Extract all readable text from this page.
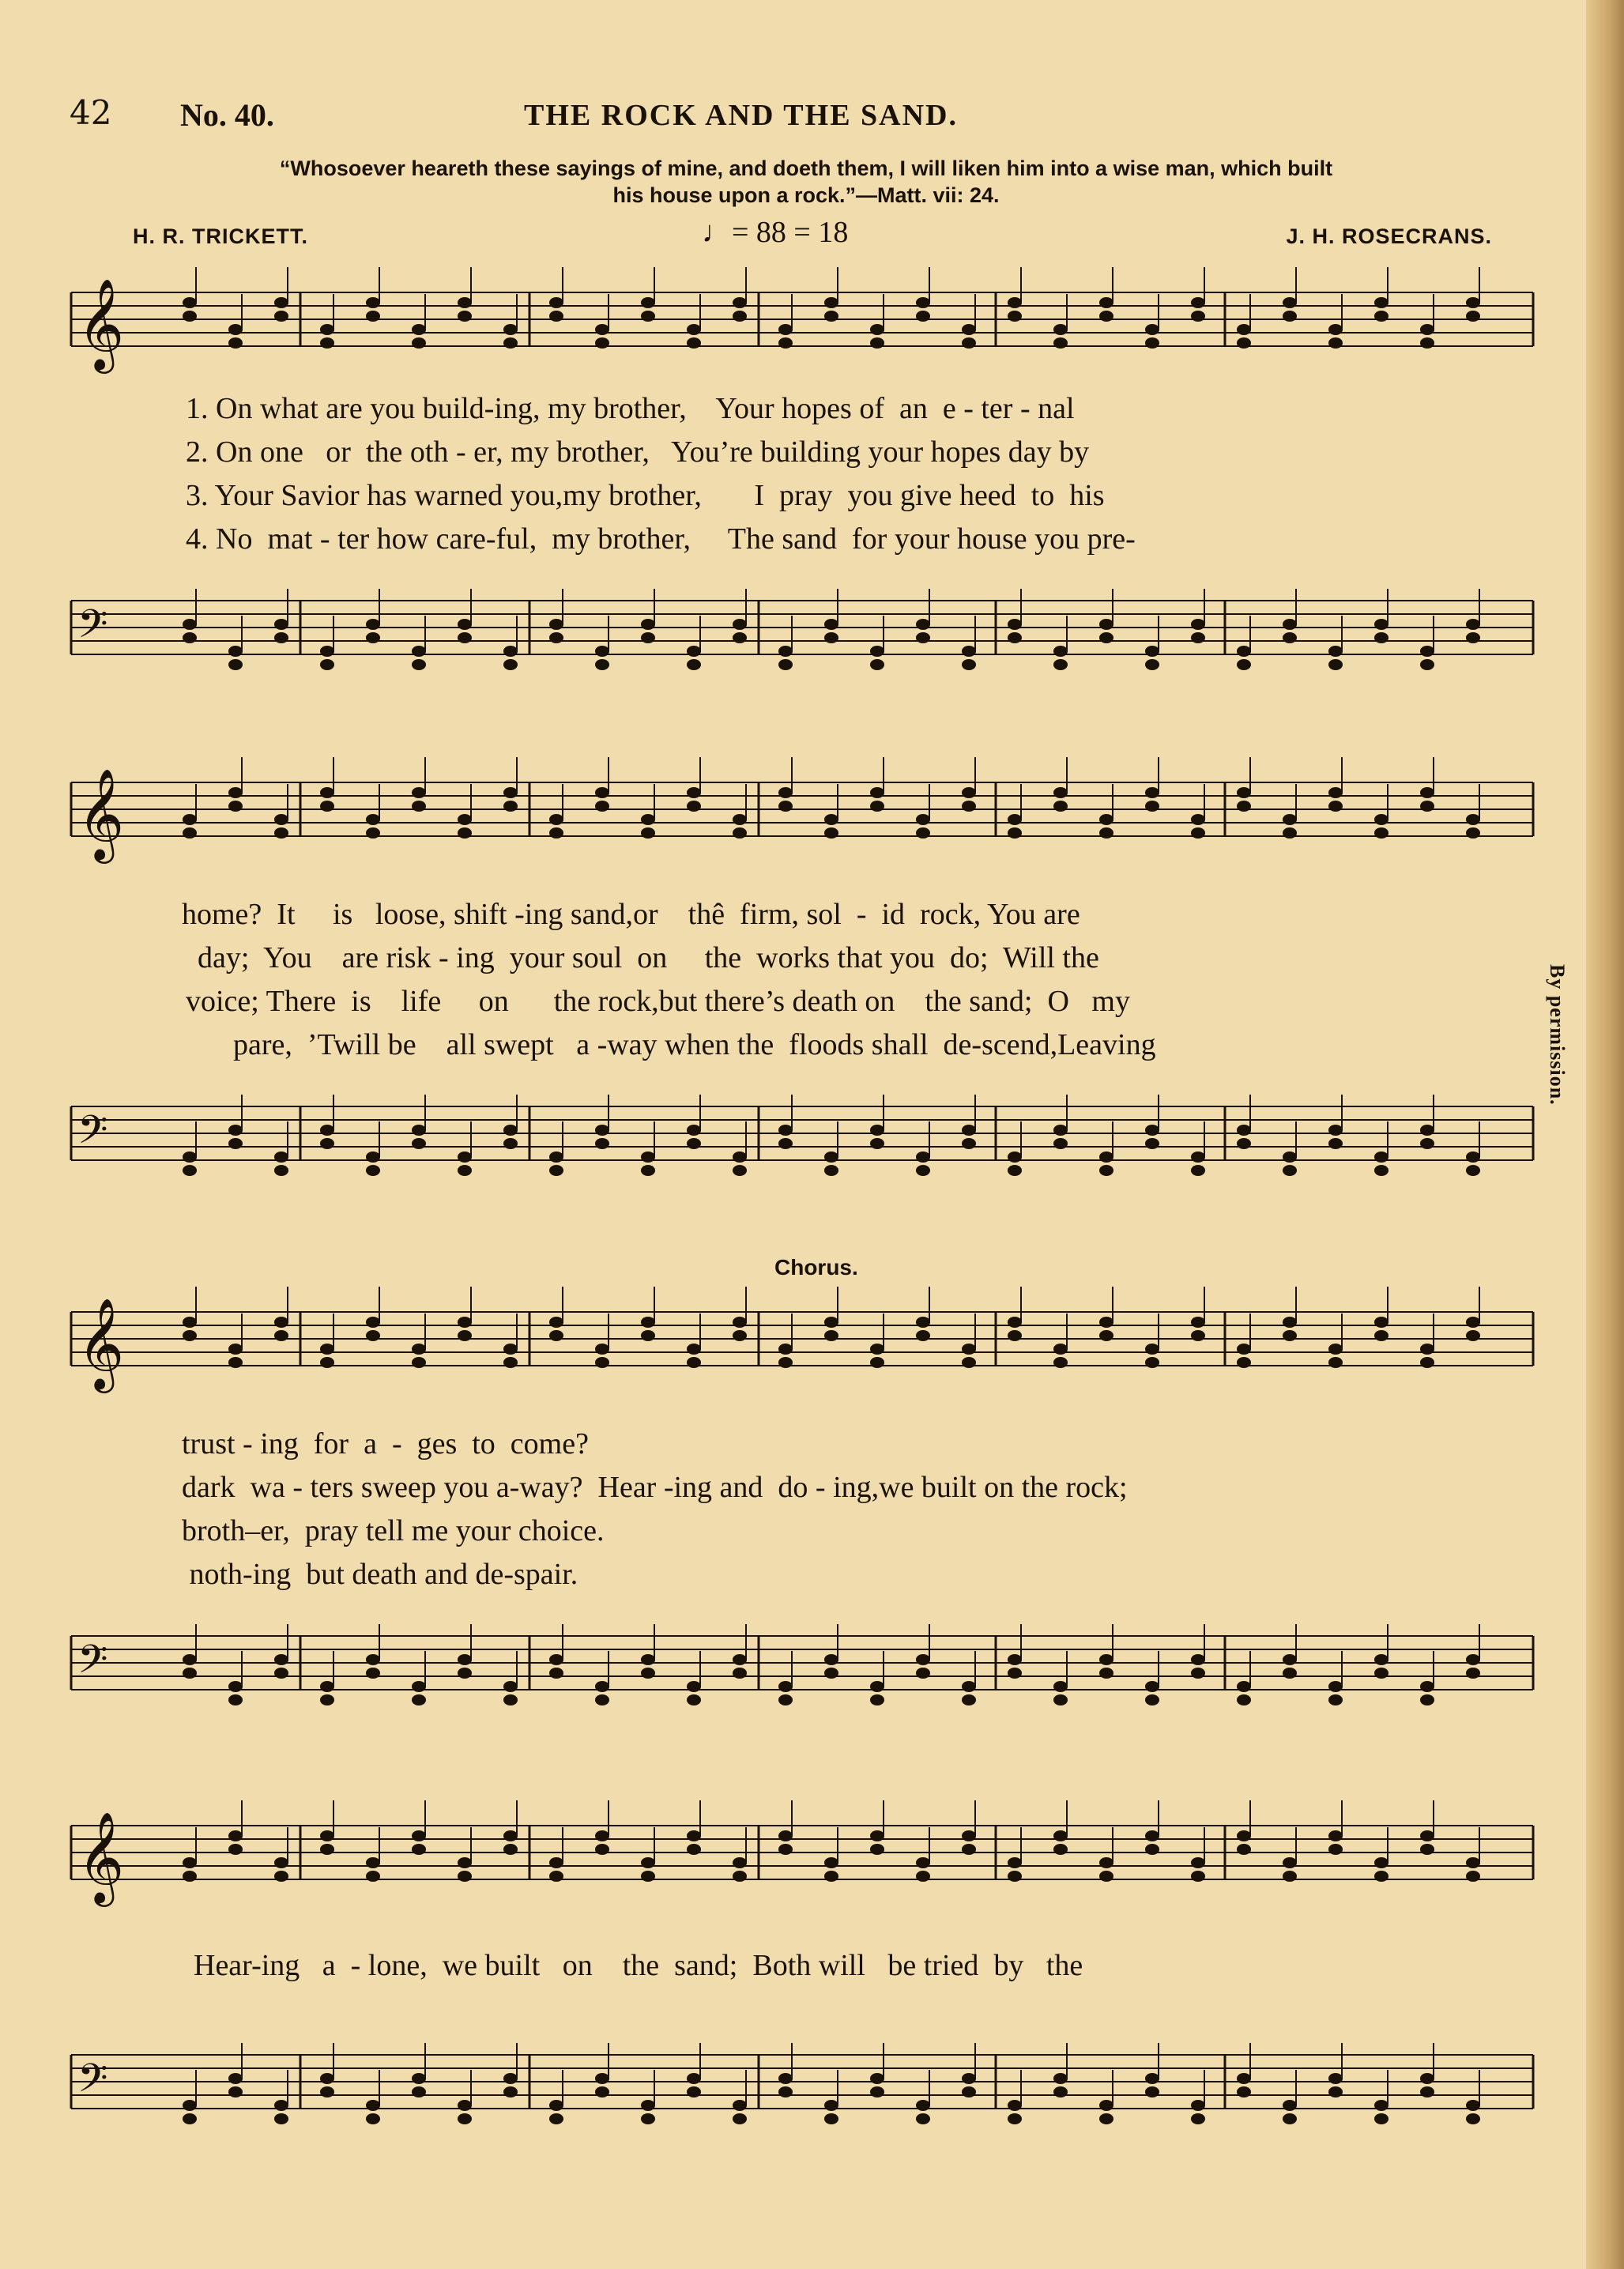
42 No. 40.	THE ROCK AND THE SAND.
“Whosoever heareth these sayings of mine, and doeth them, I will liken him into a wise man, which built
his house upon a rock.”—Matt. vii: 24.
H. R. TRICKETT.	♩= 88 = 18	J. H. ROSECRANS.
𝄞
1. On what are you build-ing, my brother,    Your hopes of  an  e - ter - nal
2. On one   or  the oth - er, my brother,   You’re building your hopes day by
3. Your Savior has warned you,my brother,       I  pray  you give heed  to  his
4. No  mat - ter how care-ful,  my brother,     The sand  for your house you pre-
𝄢
𝄞
home?  It     is   loose, shift -ing sand,or    thê  firm, sol  -  id  rock, You are
day;  You    are risk - ing  your soul  on     the  works that you  do;  Will the
voice; There  is    life     on      the rock,but there’s death on    the sand;  O   my
pare,  ’Twill be    all swept   a -way when the  floods shall  de-scend,Leaving
𝄢
Chorus.
𝄞
trust - ing  for  a  -  ges  to  come?
dark  wa - ters sweep you a-way?  Hear -ing and  do - ing,we built on the rock;
broth–er,  pray tell me your choice.
noth-ing  but death and de-spair.
𝄢
𝄞
Hear-ing   a  - lone,  we built   on    the  sand;  Both will   be tried  by   the
𝄢
By permission.
